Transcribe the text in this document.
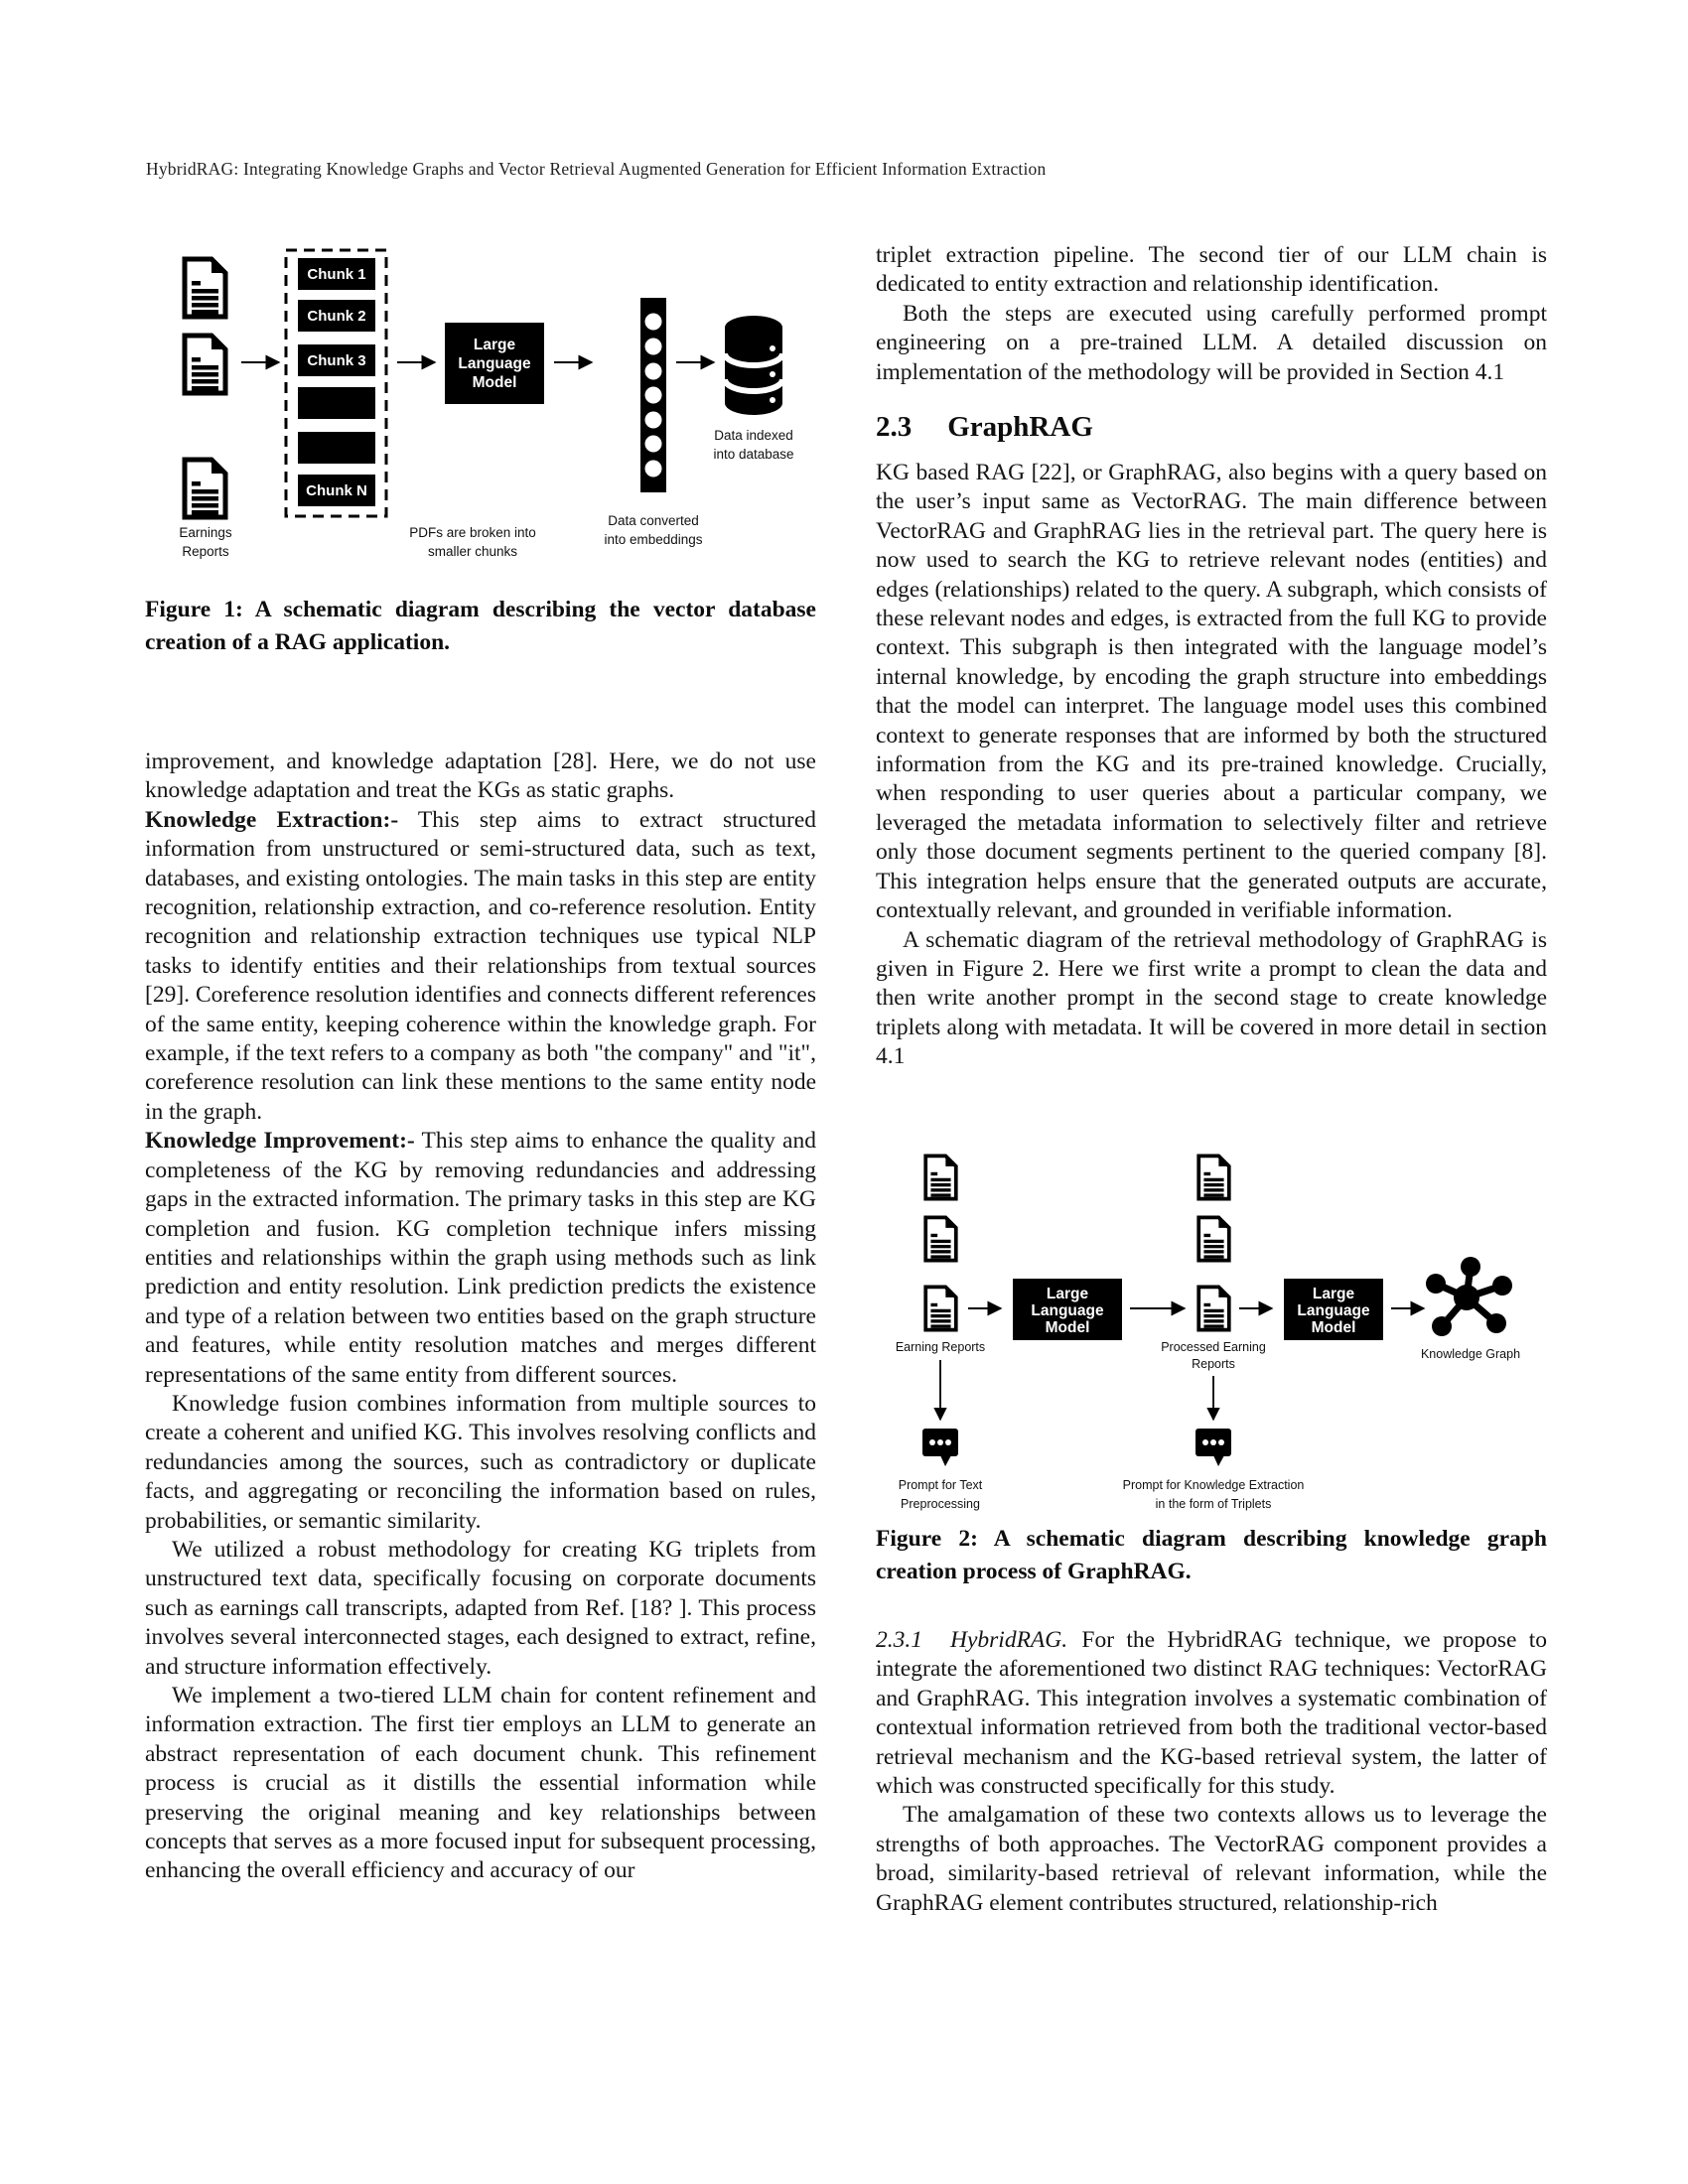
HybridRAG: Integrating Knowledge Graphs and Vector Retrieval Augmented Generation for Efficient Information Extraction
Earnings
Reports
Chunk 1
Chunk 2
Chunk 3
Chunk N
PDFs are broken into
smaller chunks
Large
Language
Model
Data converted
into embeddings
Data indexed
into database
Figure 1: A schematic diagram describing the vector database creation of a RAG application.

improvement, and knowledge adaptation [28]. Here, we do not use knowledge adaptation and treat the KGs as static graphs.

Knowledge Extraction:- This step aims to extract structured information from unstructured or semi-structured data, such as text, databases, and existing ontologies. The main tasks in this step are entity recognition, relationship extraction, and co-reference resolution. Entity recognition and relationship extraction techniques use typical NLP tasks to identify entities and their relationships from textual sources [29]. Coreference resolution identifies and connects different references of the same entity, keeping coherence within the knowledge graph. For example, if the text refers to a company as both "the company" and "it", coreference resolution can link these mentions to the same entity node in the graph.

Knowledge Improvement:- This step aims to enhance the quality and completeness of the KG by removing redundancies and addressing gaps in the extracted information. The primary tasks in this step are KG completion and fusion. KG completion technique infers missing entities and relationships within the graph using methods such as link prediction and entity resolution. Link prediction predicts the existence and type of a relation between two entities based on the graph structure and features, while entity resolution matches and merges different representations of the same entity from different sources.

Knowledge fusion combines information from multiple sources to create a coherent and unified KG. This involves resolving conflicts and redundancies among the sources, such as contradictory or duplicate facts, and aggregating or reconciling the information based on rules, probabilities, or semantic similarity.

We utilized a robust methodology for creating KG triplets from unstructured text data, specifically focusing on corporate documents such as earnings call transcripts, adapted from Ref. [18? ]. This process involves several interconnected stages, each designed to extract, refine, and structure information effectively.

We implement a two-tiered LLM chain for content refinement and information extraction. The first tier employs an LLM to generate an abstract representation of each document chunk. This refinement process is crucial as it distills the essential information while preserving the original meaning and key relationships between concepts that serves as a more focused input for subsequent processing, enhancing the overall efficiency and accuracy of our

triplet extraction pipeline. The second tier of our LLM chain is dedicated to entity extraction and relationship identification.

Both the steps are executed using carefully performed prompt engineering on a pre-trained LLM. A detailed discussion on implementation of the methodology will be provided in Section 4.1

2.3 GraphRAG

KG based RAG [22], or GraphRAG, also begins with a query based on the user’s input same as VectorRAG. The main difference between VectorRAG and GraphRAG lies in the retrieval part. The query here is now used to search the KG to retrieve relevant nodes (entities) and edges (relationships) related to the query. A subgraph, which consists of these relevant nodes and edges, is extracted from the full KG to provide context. This subgraph is then integrated with the language model’s internal knowledge, by encoding the graph structure into embeddings that the model can interpret. The language model uses this combined context to generate responses that are informed by both the structured information from the KG and its pre-trained knowledge. Crucially, when responding to user queries about a particular company, we leveraged the metadata information to selectively filter and retrieve only those document segments pertinent to the queried company [8]. This integration helps ensure that the generated outputs are accurate, contextually relevant, and grounded in verifiable information.

A schematic diagram of the retrieval methodology of GraphRAG is given in Figure 2. Here we first write a prompt to clean the data and then write another prompt in the second stage to create knowledge triplets along with metadata. It will be covered in more detail in section 4.1

Earning Reports
Large
Language
Model
Processed Earning
Reports
Large
Language
Model
Knowledge Graph
Prompt for Text
Preprocessing
Prompt for Knowledge Extraction
in the form of Triplets
Figure 2: A schematic diagram describing knowledge graph creation process of GraphRAG.

2.3.1 HybridRAG. For the HybridRAG technique, we propose to integrate the aforementioned two distinct RAG techniques: VectorRAG and GraphRAG. This integration involves a systematic combination of contextual information retrieved from both the traditional vector-based retrieval mechanism and the KG-based retrieval system, the latter of which was constructed specifically for this study.

The amalgamation of these two contexts allows us to leverage the strengths of both approaches. The VectorRAG component provides a broad, similarity-based retrieval of relevant information, while the GraphRAG element contributes structured, relationship-rich
